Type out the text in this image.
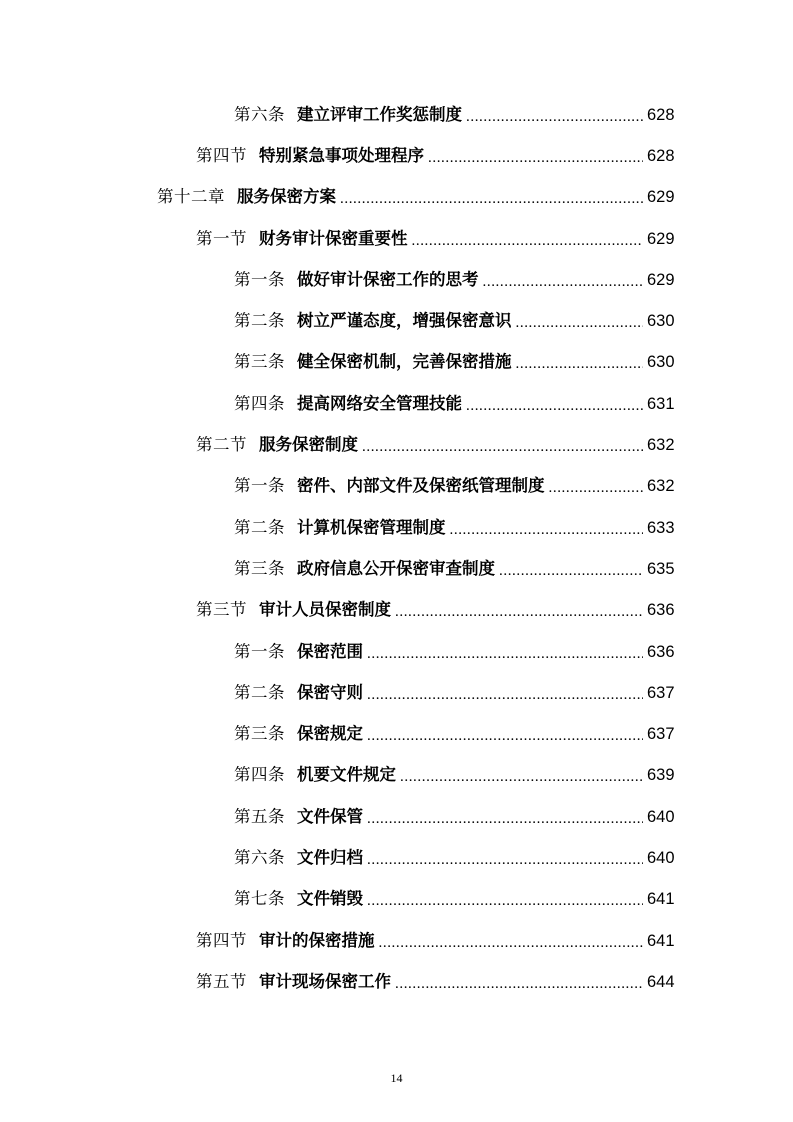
第六条 建立评审工作奖惩制度 .....	628
第四节 特别紧急事项处理程序 .....	628
第十二章 服务保密方案 .....	629
第一节 财务审计保密重要性 .....	629
第一条 做好审计保密工作的思考 .....	629
第二条 树立严谨态度，增强保密意识 .....	630
第三条 健全保密机制，完善保密措施 .....	630
第四条 提高网络安全管理技能 .....	631
第二节 服务保密制度 .....	632
第一条 密件、内部文件及保密纸管理制度 .....	632
第二条 计算机保密管理制度 .....	633
第三条 政府信息公开保密审查制度 .....	635
第三节 审计人员保密制度 .....	636
第一条 保密范围 .....	636
第二条 保密守则 .....	637
第三条 保密规定 .....	637
第四条 机要文件规定 .....	639
第五条 文件保管 .....	640
第六条 文件归档 .....	640
第七条 文件销毁 .....	641
第四节 审计的保密措施 .....	641
第五节 审计现场保密工作 .....	644
14
